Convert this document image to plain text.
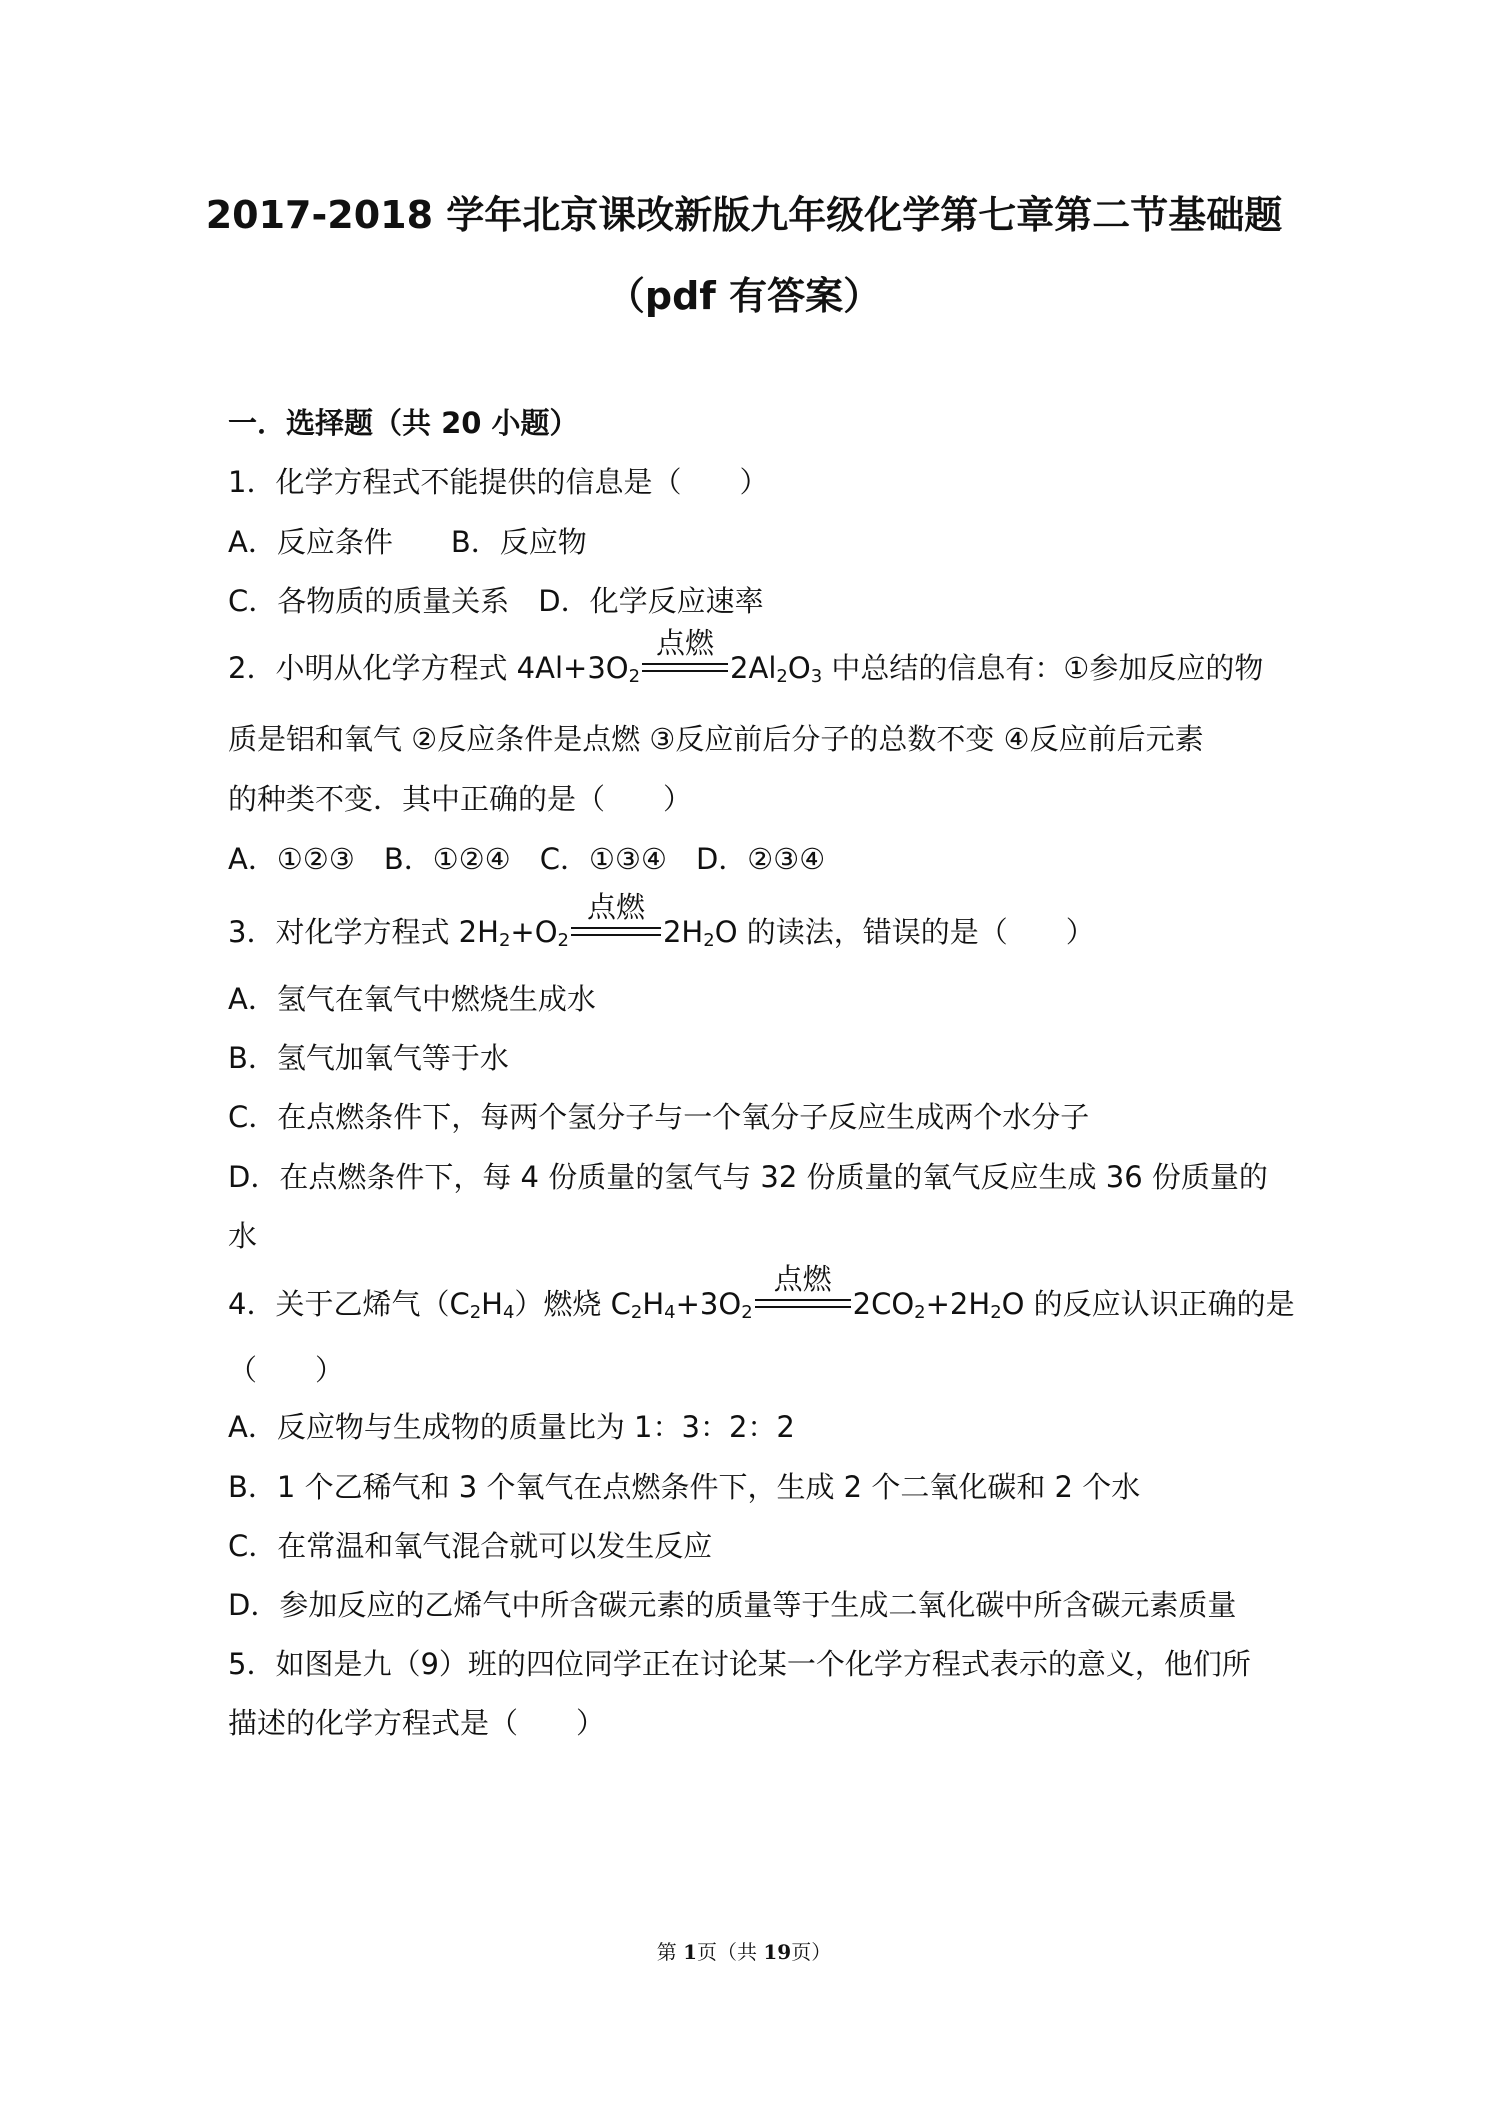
2017-2018 学年北京课改新版九年级化学第七章第二节基础题
（pdf 有答案）
一．选择题（共 20 小题）
1．化学方程式不能提供的信息是（　　）
A．反应条件　　B．反应物
C．各物质的质量关系　D．化学反应速率
2．小明从化学方程式 $4Al+3O_2$
点燃
$2Al_2O_3$ 中总结的信息有：①参加反应的物
质是铝和氧气 ②反应条件是点燃 ③反应前后分子的总数不变 ④反应前后元素
的种类不变．其中正确的是（　　）
A．①②③　B．①②④　C．①③④　D．②③④
3．对化学方程式 $2H_2+O_2$
点燃
$2H_2O$ 的读法，错误的是（　　）
A．氢气在氧气中燃烧生成水
B．氢气加氧气等于水
C．在点燃条件下，每两个氢分子与一个氧分子反应生成两个水分子
D．在点燃条件下，每 4 份质量的氢气与 32 份质量的氧气反应生成 36 份质量的
水
4．关于乙烯气$(C_2H_4)$燃烧 $C_2H_4+3O_2$
点燃
$2CO_2+2H_2O$ 的反应认识正确的是
（　　）
A．反应物与生成物的质量比为 1：3：2：2
B．1 个乙稀气和 3 个氧气在点燃条件下，生成 2 个二氧化碳和 2 个水
C．在常温和氧气混合就可以发生反应
D．参加反应的乙烯气中所含碳元素的质量等于生成二氧化碳中所含碳元素质量
5．如图是九（9）班的四位同学正在讨论某一个化学方程式表示的意义，他们所
描述的化学方程式是（　　）
第 1页（共 19页）
